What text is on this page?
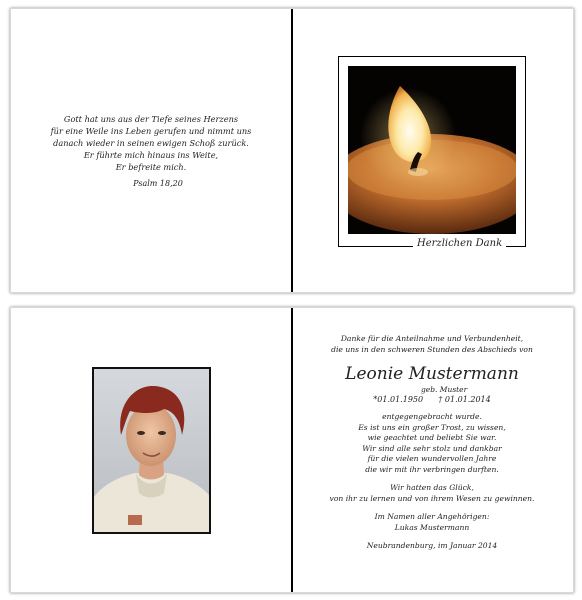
Gott hat uns aus der Tiefe seines Herzens
für eine Weile ins Leben gerufen und nimmt uns
danach wieder in seinen ewigen Schoß zurück.
Er führte mich hinaus ins Weite,
Er befreite mich.
Psalm 18,20
Herzlichen Dank
Danke für die Anteilnahme und Verbundenheit,
die uns in den schweren Stunden des Abschieds von
Leonie Mustermann
geb. Muster
*01.01.1950 † 01.01.2014
entgegengebracht wurde.
Es ist uns ein großer Trost, zu wissen,
wie geachtet und beliebt Sie war.
Wir sind alle sehr stolz und dankbar
für die vielen wundervollen Jahre
die wir mit ihr verbringen durften.
Wir hatten das Glück,
von ihr zu lernen und von ihrem Wesen zu gewinnen.
Im Namen aller Angehörigen:
Lukas Mustermann
Neubrandenburg, im Januar 2014
